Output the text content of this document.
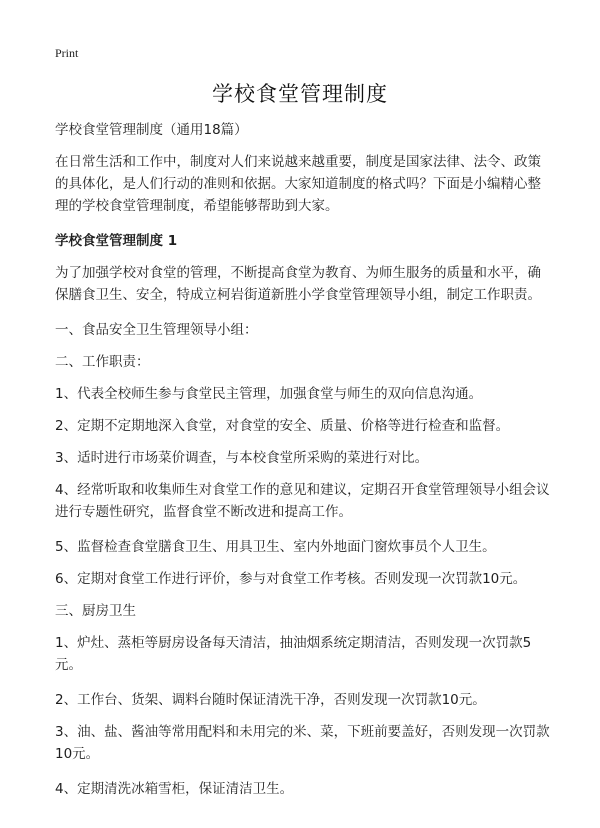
Print
学校食堂管理制度

学校食堂管理制度（通用18篇）

在日常生活和工作中，制度对人们来说越来越重要，制度是国家法律、法令、政策的具体化，是人们行动的准则和依据。大家知道制度的格式吗？下面是小编精心整理的学校食堂管理制度，希望能够帮助到大家。

学校食堂管理制度 1

为了加强学校对食堂的管理，不断提高食堂为教育、为师生服务的质量和水平，确保膳食卫生、安全，特成立柯岩街道新胜小学食堂管理领导小组，制定工作职责。

一、食品安全卫生管理领导小组：

二、工作职责：

1、代表全校师生参与食堂民主管理，加强食堂与师生的双向信息沟通。

2、定期不定期地深入食堂，对食堂的安全、质量、价格等进行检查和监督。

3、适时进行市场菜价调查，与本校食堂所采购的菜进行对比。

4、经常听取和收集师生对食堂工作的意见和建议，定期召开食堂管理领导小组会议进行专题性研究，监督食堂不断改进和提高工作。

5、监督检查食堂膳食卫生、用具卫生、室内外地面门窗炊事员个人卫生。

6、定期对食堂工作进行评价，参与对食堂工作考核。否则发现一次罚款10元。

三、厨房卫生

1、炉灶、蒸柜等厨房设备每天清洁，抽油烟系统定期清洁，否则发现一次罚款5元。

2、工作台、货架、调料台随时保证清洗干净，否则发现一次罚款10元。

3、油、盐、酱油等常用配料和未用完的米、菜，下班前要盖好，否则发现一次罚款10元。

4、定期清洗冰箱雪柜，保证清洁卫生。
